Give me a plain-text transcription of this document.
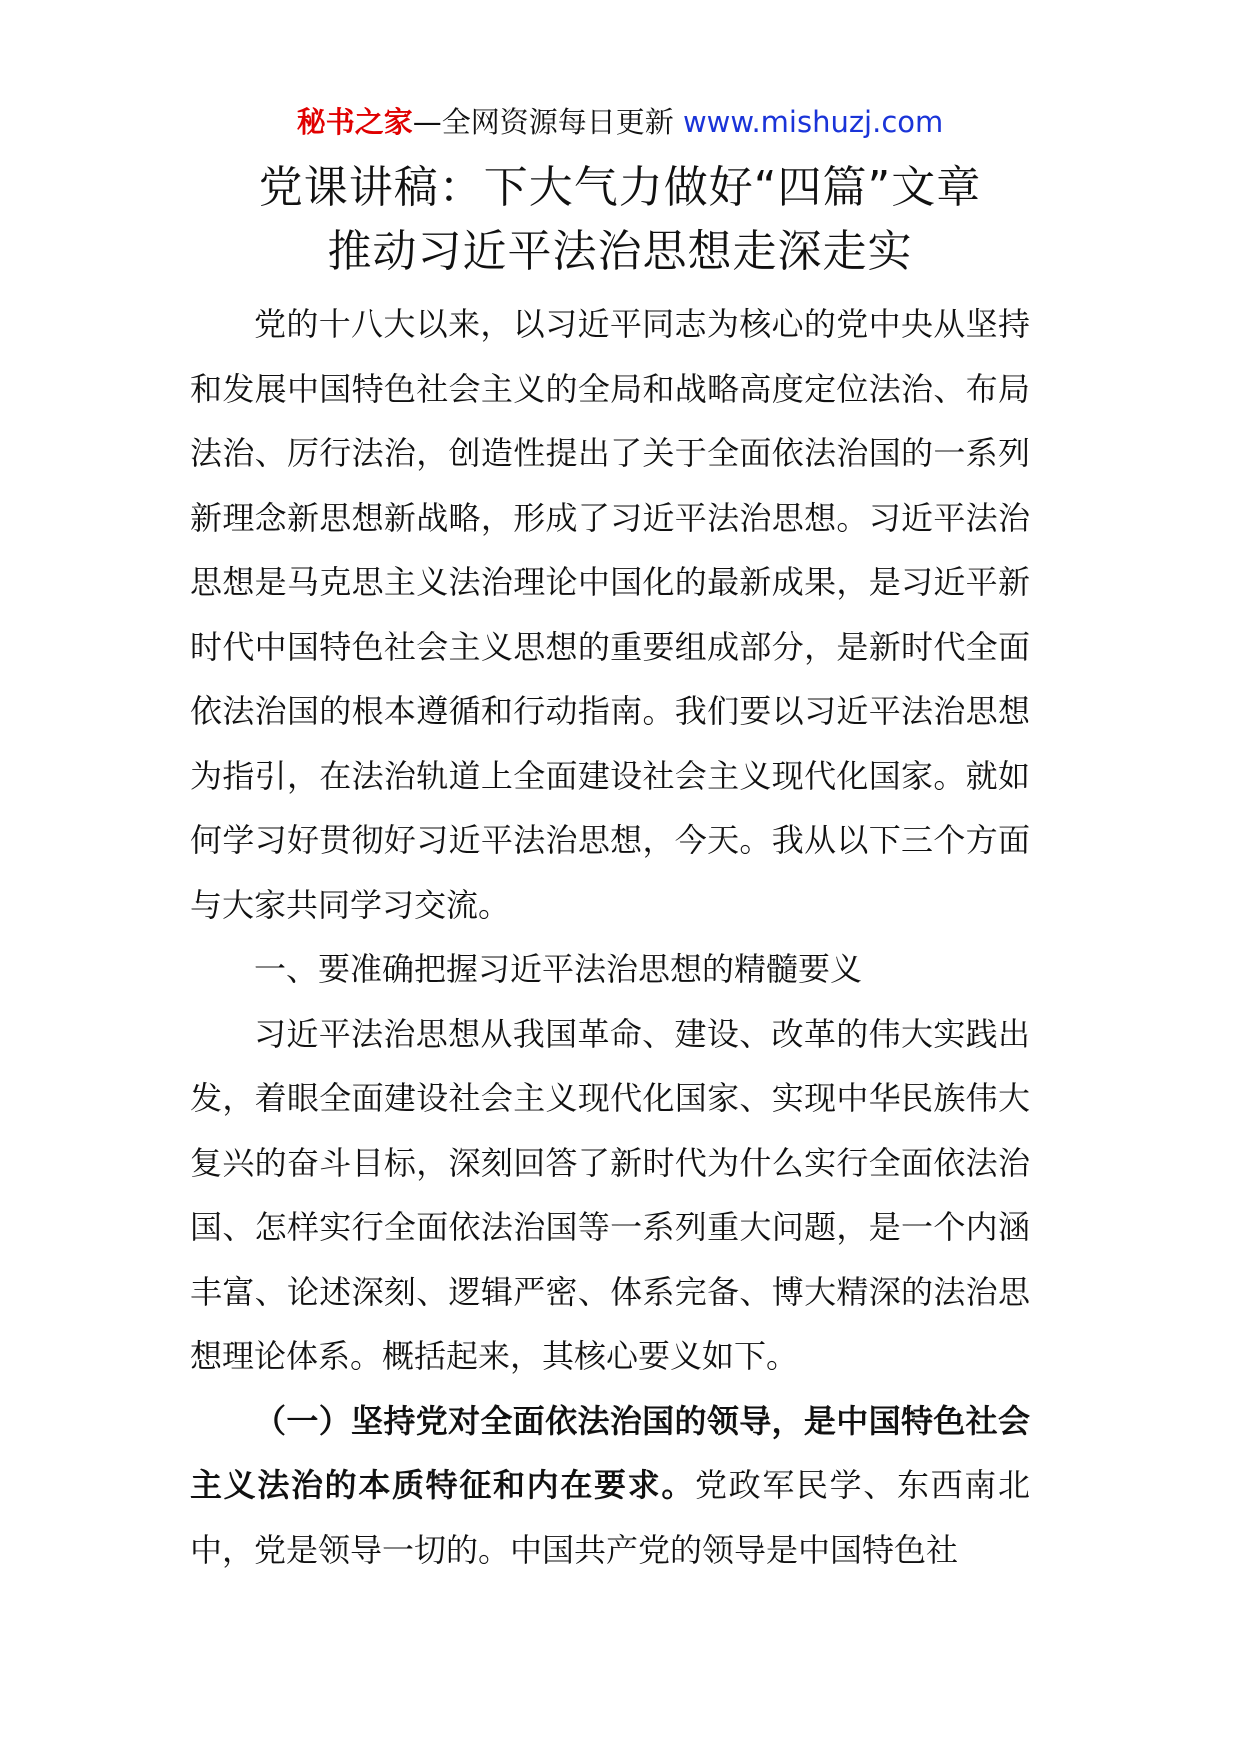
秘书之家—全网资源每日更新 www.mishuzj.com
党课讲稿：下大气力做好“四篇”文章
推动习近平法治思想走深走实

党的十八大以来，以习近平同志为核心的党中央从坚持和发展中国特色社会主义的全局和战略高度定位法治、布局法治、厉行法治，创造性提出了关于全面依法治国的一系列新理念新思想新战略，形成了习近平法治思想。习近平法治思想是马克思主义法治理论中国化的最新成果，是习近平新时代中国特色社会主义思想的重要组成部分，是新时代全面依法治国的根本遵循和行动指南。我们要以习近平法治思想为指引，在法治轨道上全面建设社会主义现代化国家。就如何学习好贯彻好习近平法治思想，今天。我从以下三个方面与大家共同学习交流。

一、要准确把握习近平法治思想的精髓要义

习近平法治思想从我国革命、建设、改革的伟大实践出发，着眼全面建设社会主义现代化国家、实现中华民族伟大复兴的奋斗目标，深刻回答了新时代为什么实行全面依法治国、怎样实行全面依法治国等一系列重大问题，是一个内涵丰富、论述深刻、逻辑严密、体系完备、博大精深的法治思想理论体系。概括起来，其核心要义如下。

（一）坚持党对全面依法治国的领导，是中国特色社会主义法治的本质特征和内在要求。党政军民学、东西南北中，党是领导一切的。中国共产党的领导是中国特色社
